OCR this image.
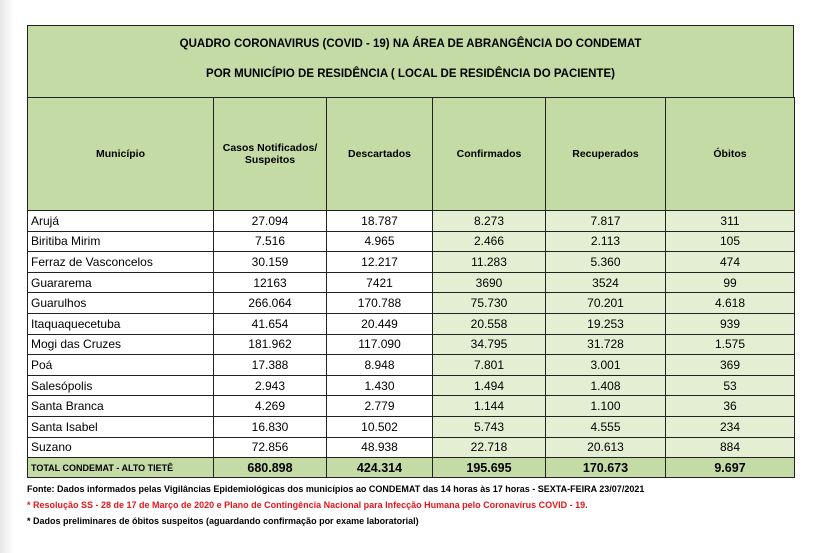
QUADRO CORONAVIRUS (COVID - 19) NA ÁREA DE ABRANGÊNCIA DO CONDEMAT
POR MUNICÍPIO DE RESIDÊNCIA ( LOCAL DE RESIDÊNCIA DO PACIENTE)
Município	Casos Notificados/ Suspeitos	Descartados	Confirmados	Recuperados	Óbitos
Arujá	27.094	18.787	8.273	7.817	311
Biritiba Mirim	7.516	4.965	2.466	2.113	105
Ferraz de Vasconcelos	30.159	12.217	11.283	5.360	474
Guararema	12163	7421	3690	3524	99
Guarulhos	266.064	170.788	75.730	70.201	4.618
Itaquaquecetuba	41.654	20.449	20.558	19.253	939
Mogi das Cruzes	181.962	117.090	34.795	31.728	1.575
Poá	17.388	8.948	7.801	3.001	369
Salesópolis	2.943	1.430	1.494	1.408	53
Santa Branca	4.269	2.779	1.144	1.100	36
Santa Isabel	16.830	10.502	5.743	4.555	234
Suzano	72.856	48.938	22.718	20.613	884
TOTAL CONDEMAT - ALTO TIETÊ	680.898	424.314	195.695	170.673	9.697
Fonte: Dados informados pelas Vigilâncias Epidemiológicas dos municípios ao CONDEMAT das 14 horas às 17 horas - SEXTA-FEIRA 23/07/2021
* Resolução SS - 28 de 17 de Março de 2020 e Plano de Contingência Nacional para Infecção Humana pelo Coronavírus COVID - 19.
* Dados preliminares de óbitos suspeitos (aguardando confirmação por exame laboratorial)
